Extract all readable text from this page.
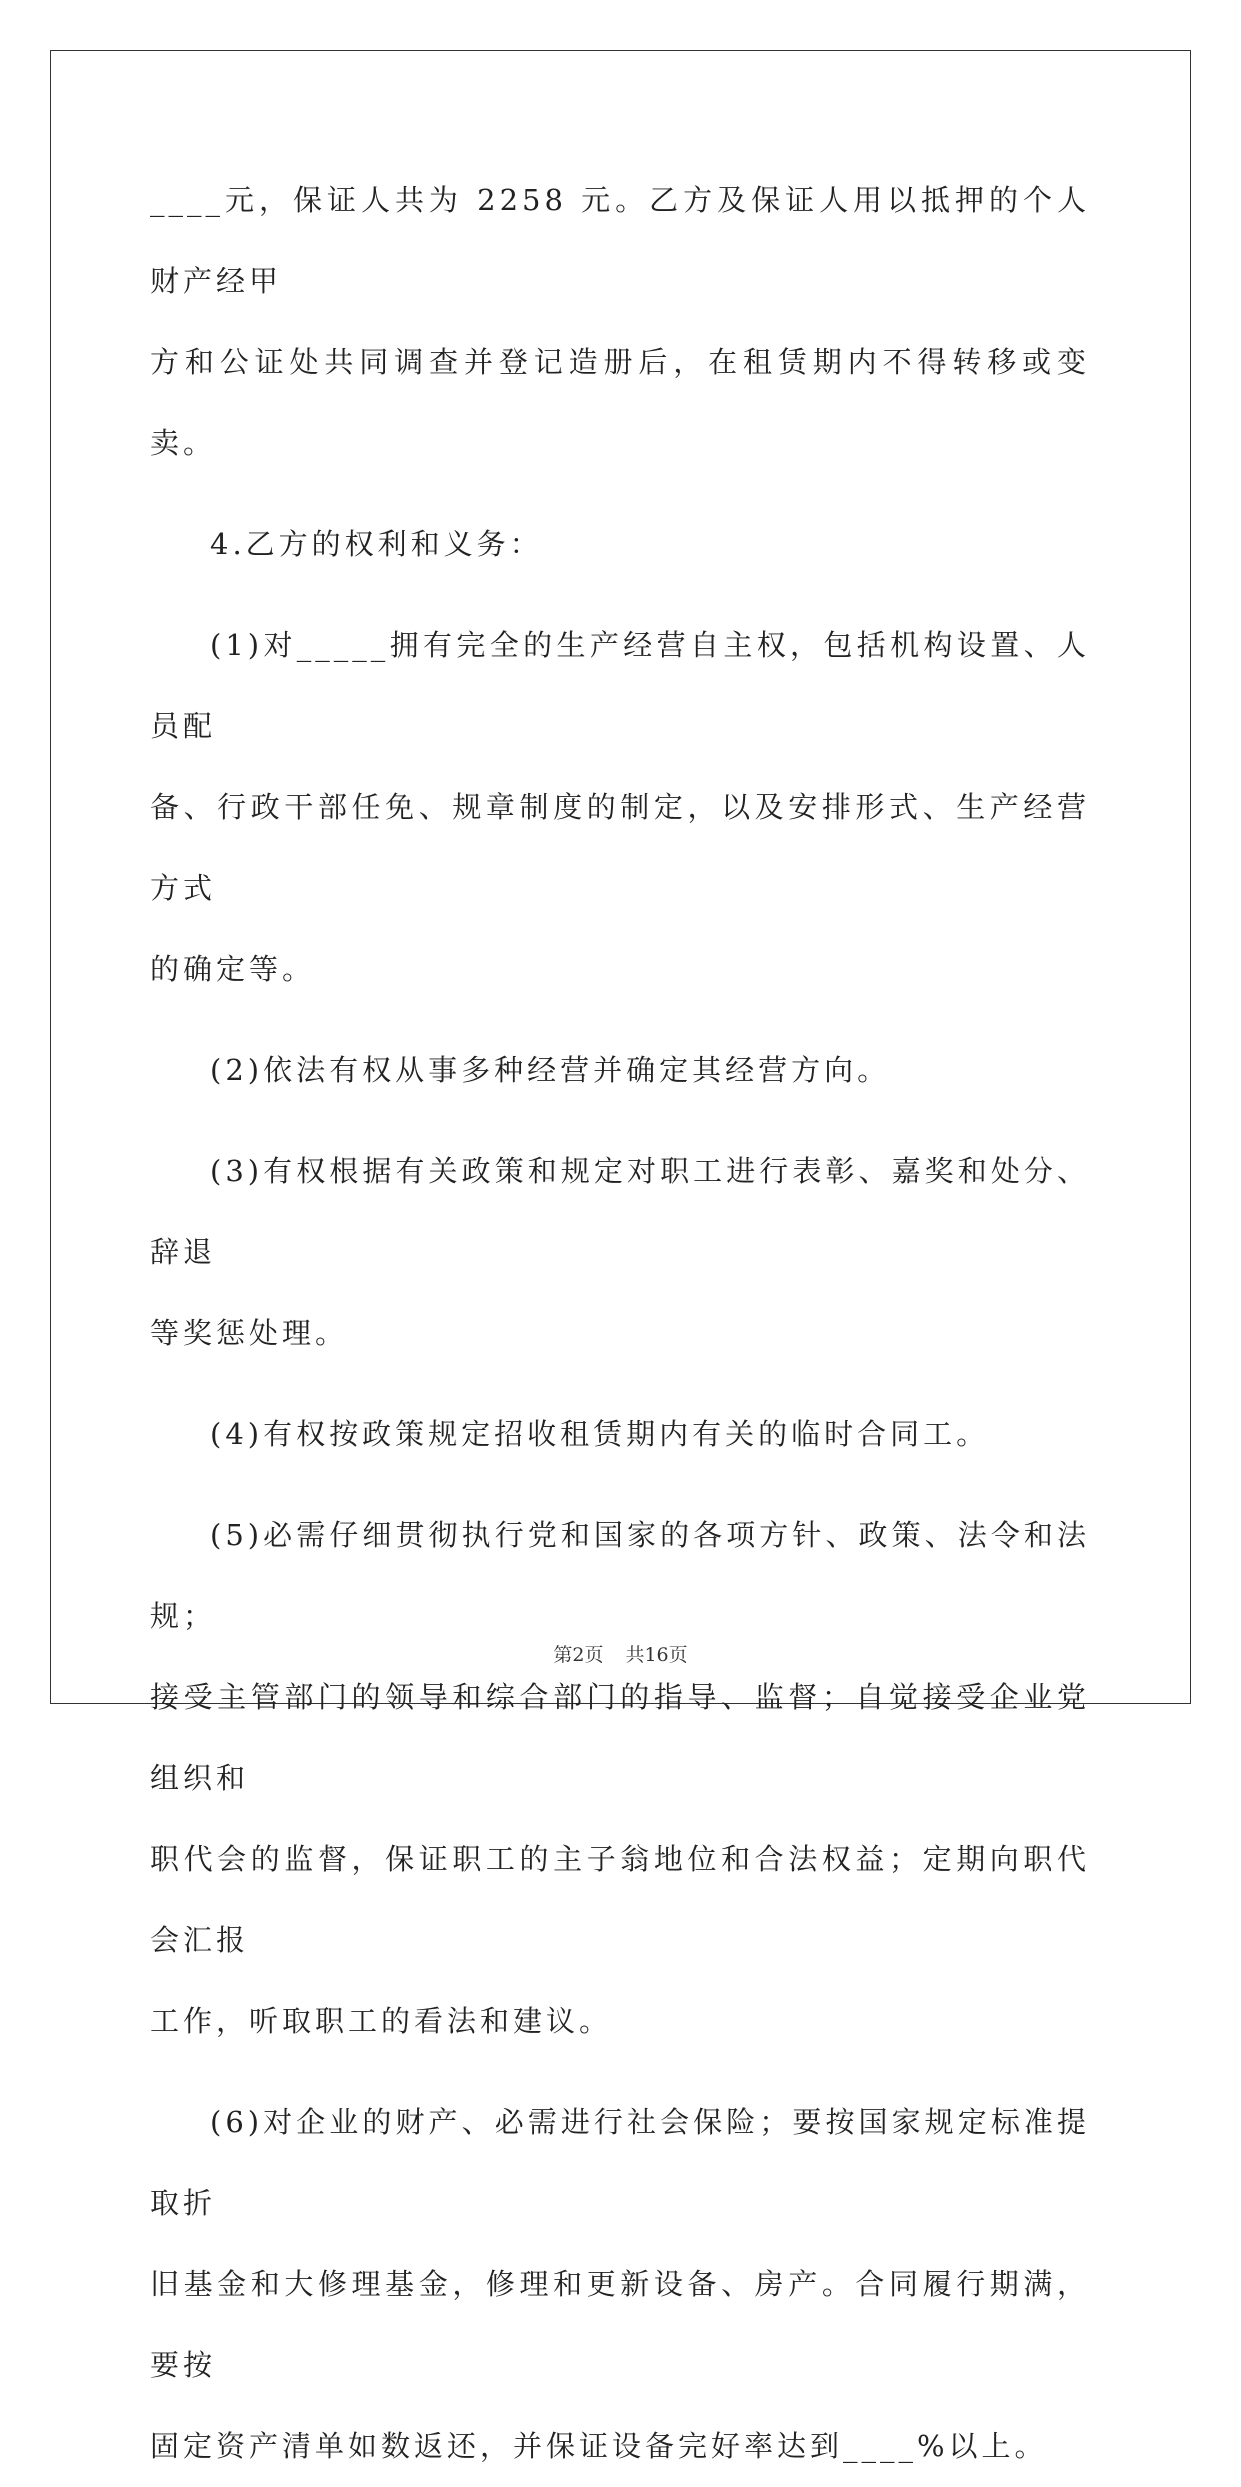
____元，保证人共为 2258 元。乙方及保证人用以抵押的个人财产经甲

方和公证处共同调查并登记造册后，在租赁期内不得转移或变卖。

4.乙方的权利和义务：

(1)对_____拥有完全的生产经营自主权，包括机构设置、人员配

备、行政干部任免、规章制度的制定，以及安排形式、生产经营方式

的确定等。

(2)依法有权从事多种经营并确定其经营方向。

(3)有权根据有关政策和规定对职工进行表彰、嘉奖和处分、辞退

等奖惩处理。

(4)有权按政策规定招收租赁期内有关的临时合同工。

(5)必需仔细贯彻执行党和国家的各项方针、政策、法令和法规；

接受主管部门的领导和综合部门的指导、监督；自觉接受企业党组织和

职代会的监督，保证职工的主子翁地位和合法权益；定期向职代会汇报

工作，听取职工的看法和建议。

(6)对企业的财产、必需进行社会保险；要按国家规定标准提取折

旧基金和大修理基金，修理和更新设备、房产。合同履行期满，要按

固定资产清单如数返还，并保证设备完好率达到____%以上。

第2页 共16页
